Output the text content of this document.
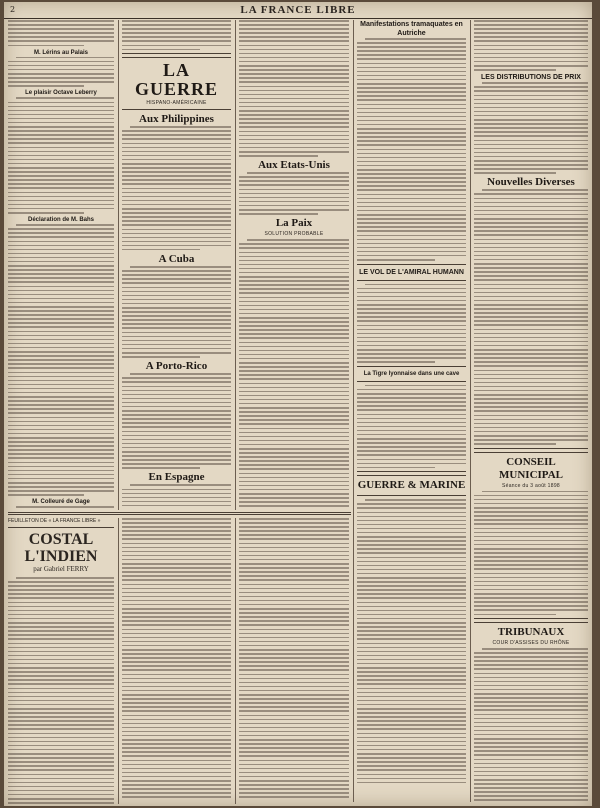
2	LA FRANCE LIBRE
M. Lérins au Palais
Le plaisir Octave Leberry
Déclaration de M. Bahs
M. Colleuré de Gage
LA GUERRE
HISPANO-AMÉRICAINE
Aux Philippines
A Cuba
A Porto-Rico
En Espagne
Aux Etats-Unis
La Paix
SOLUTION PROBABLE
Manifestations tramaquates en Autriche
LE VOL DE L'AMIRAL HUMANN
La Tigre lyonnaise dans une cave
GUERRE & MARINE
LES DISTRIBUTIONS DE PRIX
Nouvelles Diverses
CONSEIL MUNICIPAL
Séance du 3 août 1898
TRIBUNAUX
COUR D'ASSISES DU RHÔNE
FEUILLETON DE « LA FRANCE LIBRE »
COSTAL L'INDIEN
par Gabriel FERRY
